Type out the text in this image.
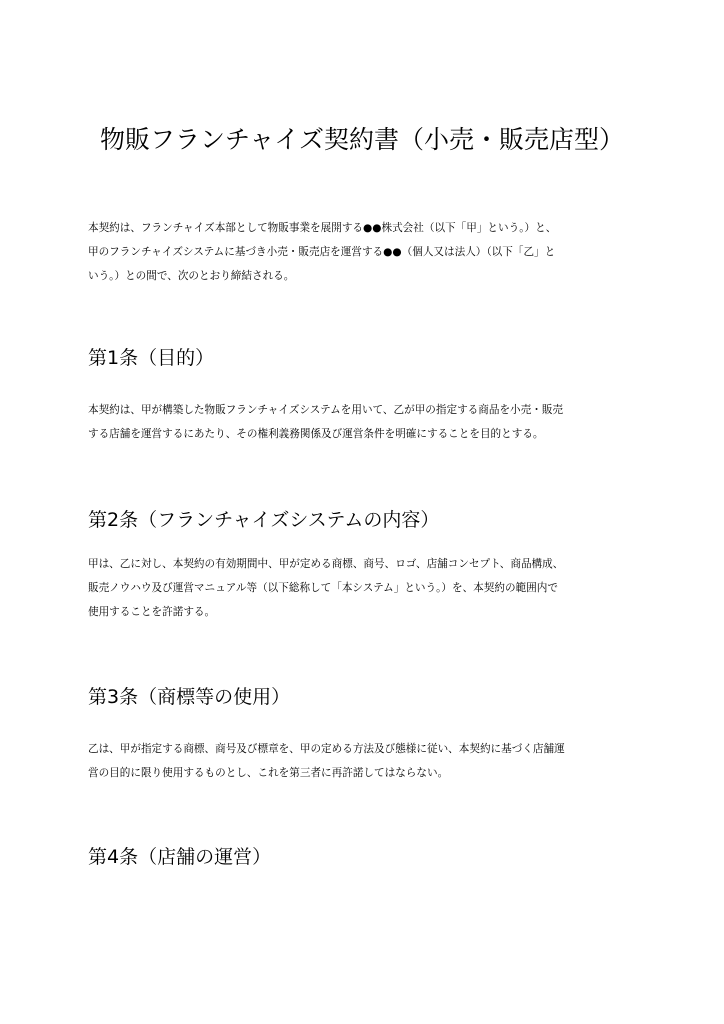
物販フランチャイズ契約書（小売・販売店型）
本契約は、フランチャイズ本部として物販事業を展開する●●株式会社（以下「甲」という。）と、
甲のフランチャイズシステムに基づき小売・販売店を運営する●●（個人又は法人）（以下「乙」と
いう。）との間で、次のとおり締結される。
第1条（目的）
本契約は、甲が構築した物販フランチャイズシステムを用いて、乙が甲の指定する商品を小売・販売
する店舗を運営するにあたり、その権利義務関係及び運営条件を明確にすることを目的とする。
第2条（フランチャイズシステムの内容）
甲は、乙に対し、本契約の有効期間中、甲が定める商標、商号、ロゴ、店舗コンセプト、商品構成、
販売ノウハウ及び運営マニュアル等（以下総称して「本システム」という。）を、本契約の範囲内で
使用することを許諾する。
第3条（商標等の使用）
乙は、甲が指定する商標、商号及び標章を、甲の定める方法及び態様に従い、本契約に基づく店舗運
営の目的に限り使用するものとし、これを第三者に再許諾してはならない。
第4条（店舗の運営）
